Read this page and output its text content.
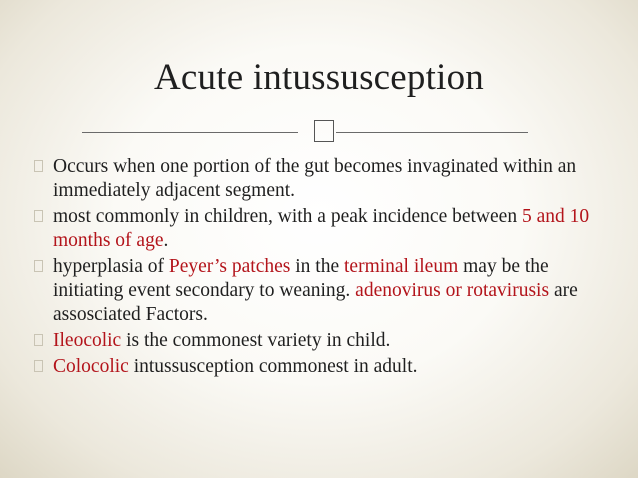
Acute intussusception
Occurs when one portion of the gut becomes invaginated within an immediately adjacent segment.
most commonly in children, with a peak incidence between 5 and 10 months of age.
hyperplasia of Peyer’s patches in the terminal ileum may be the initiating event secondary to weaning. adenovirus or rotavirusis are assosciated Factors.
Ileocolic is the commonest variety in child.
Colocolic intussusception commonest in adult.
